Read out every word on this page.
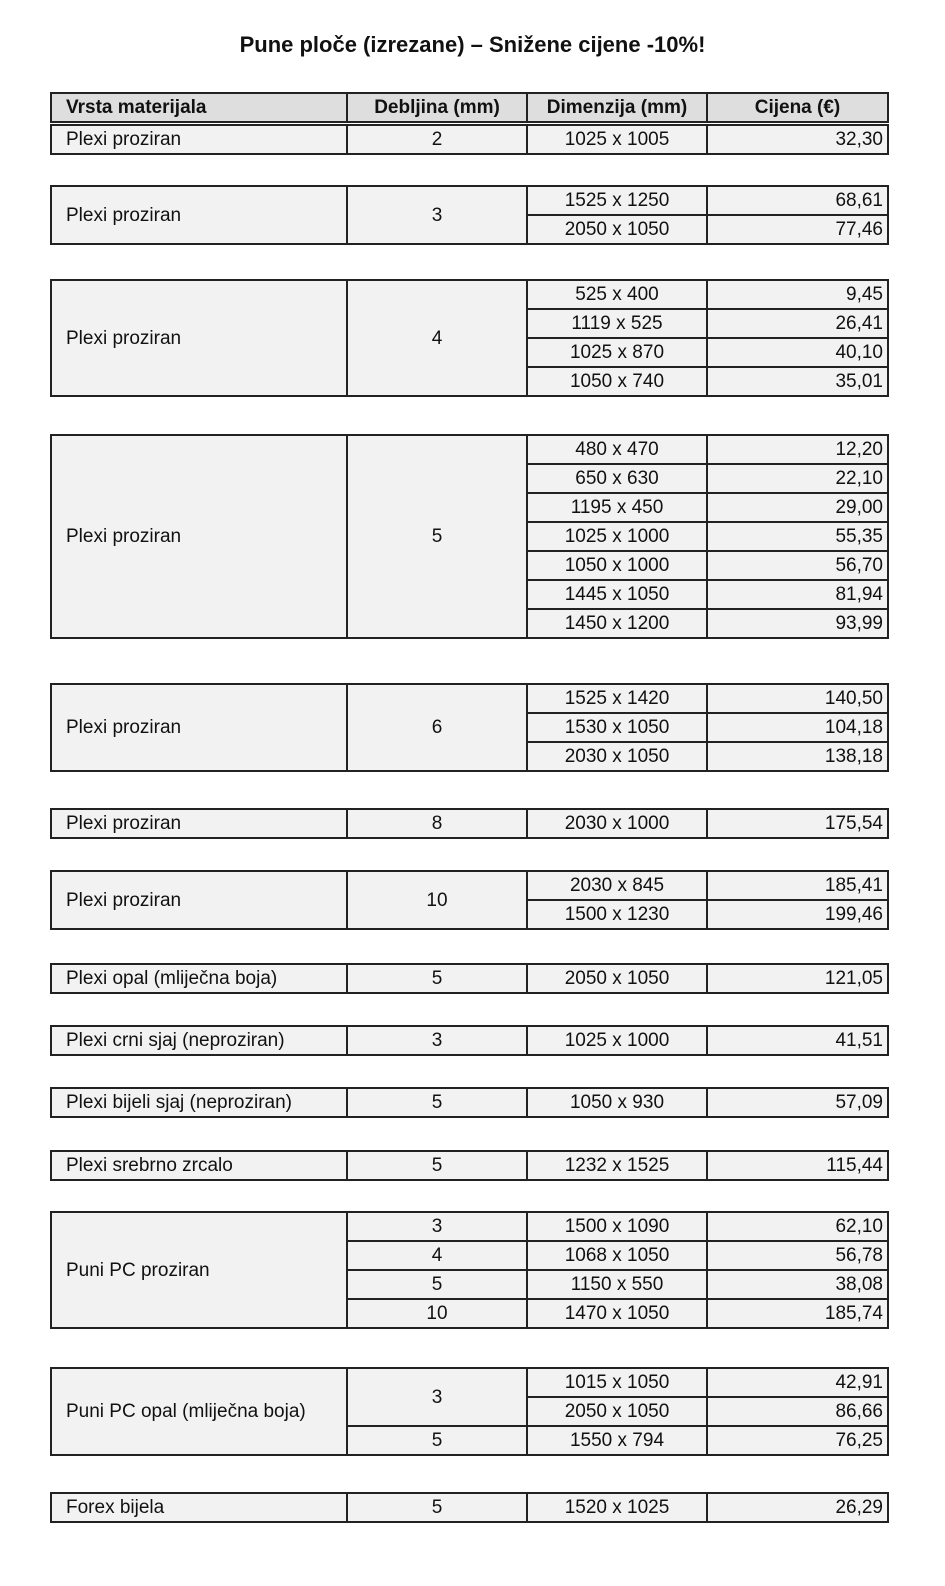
Pune ploče (izrezane) – Snižene cijene -10%!
Vrsta materijala	Debljina (mm)	Dimenzija (mm)	Cijena (€)
Plexi proziran	2	1025 x 1005	32,30
Plexi proziran	3	1525 x 1250	68,61
		2050 x 1050	77,46
Plexi proziran	4	525 x 400	9,45
		1119 x 525	26,41
		1025 x 870	40,10
		1050 x 740	35,01
Plexi proziran	5	480 x 470	12,20
		650 x 630	22,10
		1195 x 450	29,00
		1025 x 1000	55,35
		1050 x 1000	56,70
		1445 x 1050	81,94
		1450 x 1200	93,99
Plexi proziran	6	1525 x 1420	140,50
		1530 x 1050	104,18
		2030 x 1050	138,18
Plexi proziran	8	2030 x 1000	175,54
Plexi proziran	10	2030 x 845	185,41
		1500 x 1230	199,46
Plexi opal (mliječna boja)	5	2050 x 1050	121,05
Plexi crni sjaj (neproziran)	3	1025 x 1000	41,51
Plexi bijeli sjaj (neproziran)	5	1050 x 930	57,09
Plexi srebrno zrcalo	5	1232 x 1525	115,44
Puni PC proziran	3	1500 x 1090	62,10
	4	1068 x 1050	56,78
	5	1150 x 550	38,08
	10	1470 x 1050	185,74
Puni PC opal (mliječna boja)	3	1015 x 1050	42,91
		2050 x 1050	86,66
	5	1550 x 794	76,25
Forex bijela	5	1520 x 1025	26,29
